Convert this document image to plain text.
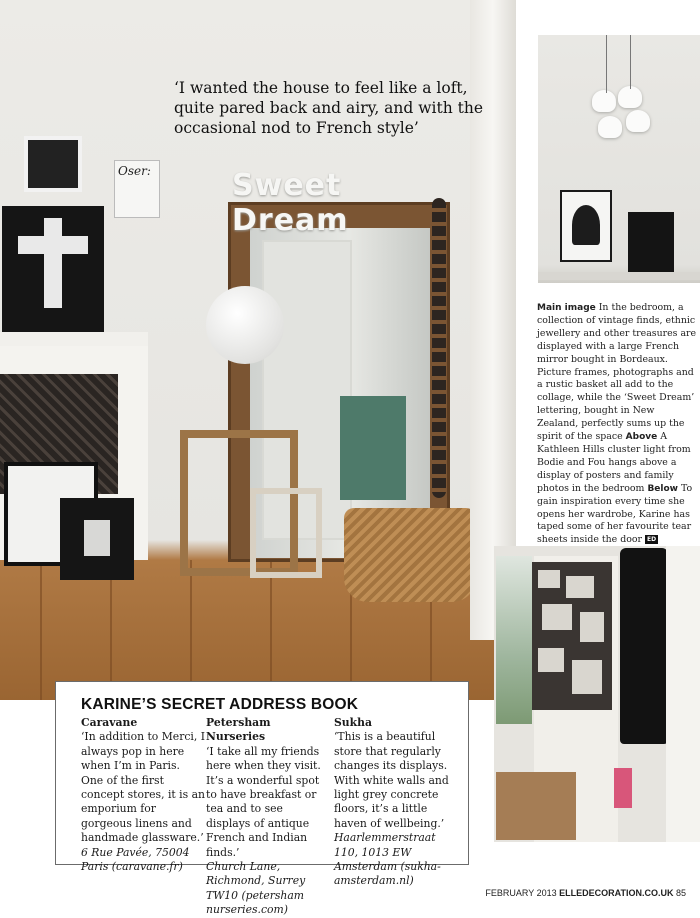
Oser:	Sweet Dream
‘I wanted the house to feel like a loft, quite pared back and airy, and with the occasional nod to French style’
Main image In the bedroom, a collection of vintage finds, ethnic jewellery and other treasures are displayed with a large French mirror bought in Bordeaux. Picture frames, photographs and a rustic basket all add to the collage, while the ‘Sweet Dream’ lettering, bought in New Zealand, perfectly sums up the spirit of the space Above A Kathleen Hills cluster light from Bodie and Fou hangs above a display of posters and family photos in the bedroom Below To gain inspiration every time she opens her wardrobe, Karine has taped some of her favourite tear sheets inside the door ED
KARINE’S SECRET ADDRESS BOOK
Caravane
‘In addition to Merci, I always pop in here when I’m in Paris. One of the first concept stores, it is an emporium for gorgeous linens and handmade glassware.’
6 Rue Pavée, 75004 Paris (caravane.fr)
Petersham Nurseries
‘I take all my friends here when they visit. It’s a wonderful spot to have breakfast or tea and to see displays of antique French and Indian finds.’
Church Lane, Richmond, Surrey TW10 (petersham nurseries.com)
Sukha
‘This is a beautiful store that regularly changes its displays. With white walls and light grey concrete floors, it’s a little haven of wellbeing.’
Haarlemmerstraat 110, 1013 EW Amsterdam (sukha-amsterdam.nl)
FEBRUARY 2013 ELLEDECORATION.CO.UK 85
